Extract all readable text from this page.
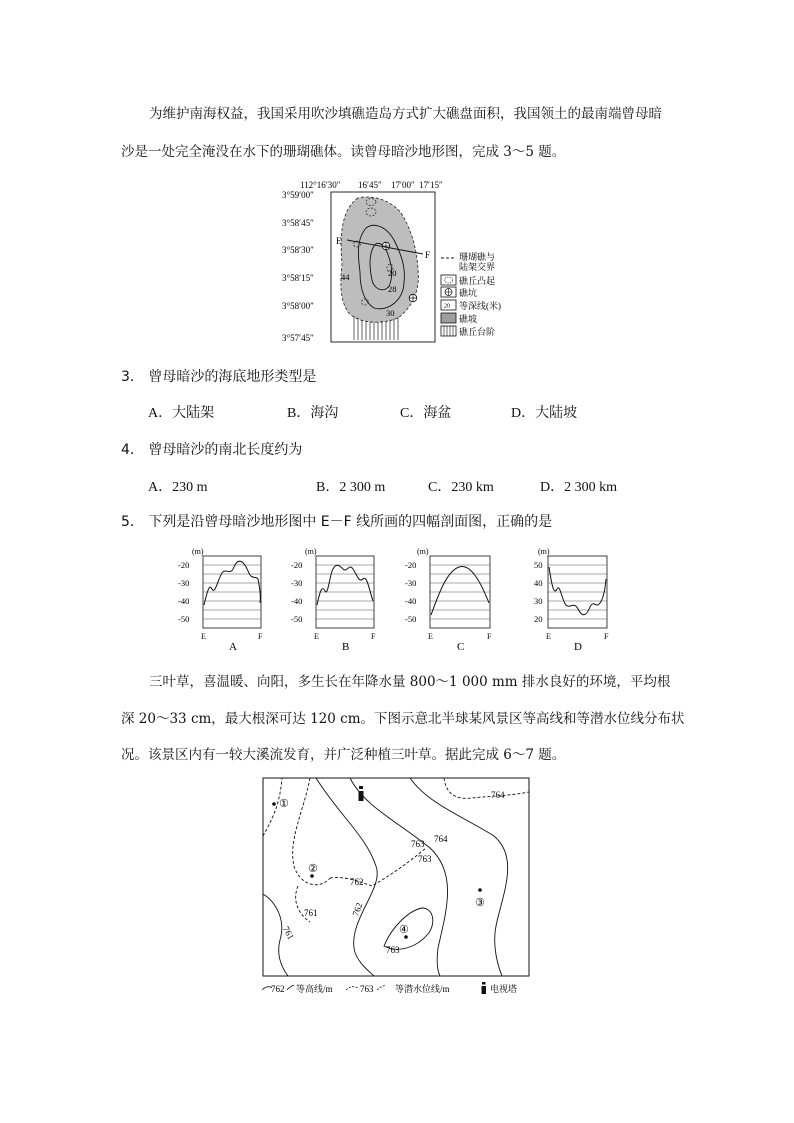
为维护南海权益，我国采用吹沙填礁造岛方式扩大礁盘面积，我国领土的最南端曾母暗
沙是一处完全淹没在水下的珊瑚礁体。读曾母暗沙地形图，完成 3～5 题。
112°16′30″ 16′45″ 17′00″ 17′15″
3°59′00″
3°58′45″
3°58′30″
3°58′15″
3°58′00″
3°57′45″
E
F
20
28
30
44
珊瑚礁与
陆架交界
礁丘凸起
礁坑
20 等深线(米)
礁坡
礁丘台阶
3． 曾母暗沙的海底地形类型是
A．大陆架	B．海沟	C．海盆	D．大陆坡
4． 曾母暗沙的南北长度约为
A．230 m	B．2 300 m	C．230 km	D．2 300 km
5． 下列是沿曾母暗沙地形图中 E－F 线所画的四幅剖面图，正确的是
(m)
-20
-30
-40
-50
E	F
A
(m)
-20
-30
-40
-50
E	F
B
(m)
-20
-30
-40
-50
E	F
C
(m)
50
40
30
20
E	F
D
三叶草，喜温暖、向阳，多生长在年降水量 800～1 000 mm 排水良好的环境，平均根
深 20～33 cm，最大根深可达 120 cm。下图示意北半球某风景区等高线和等潜水位线分布状
况。该景区内有一较大溪流发育，并广泛种植三叶草。据此完成 6～7 题。
①
②
③
④
764
764
763
763
762
761
761
762
763
762 等高线/m	763 等潜水位线/m	电视塔
